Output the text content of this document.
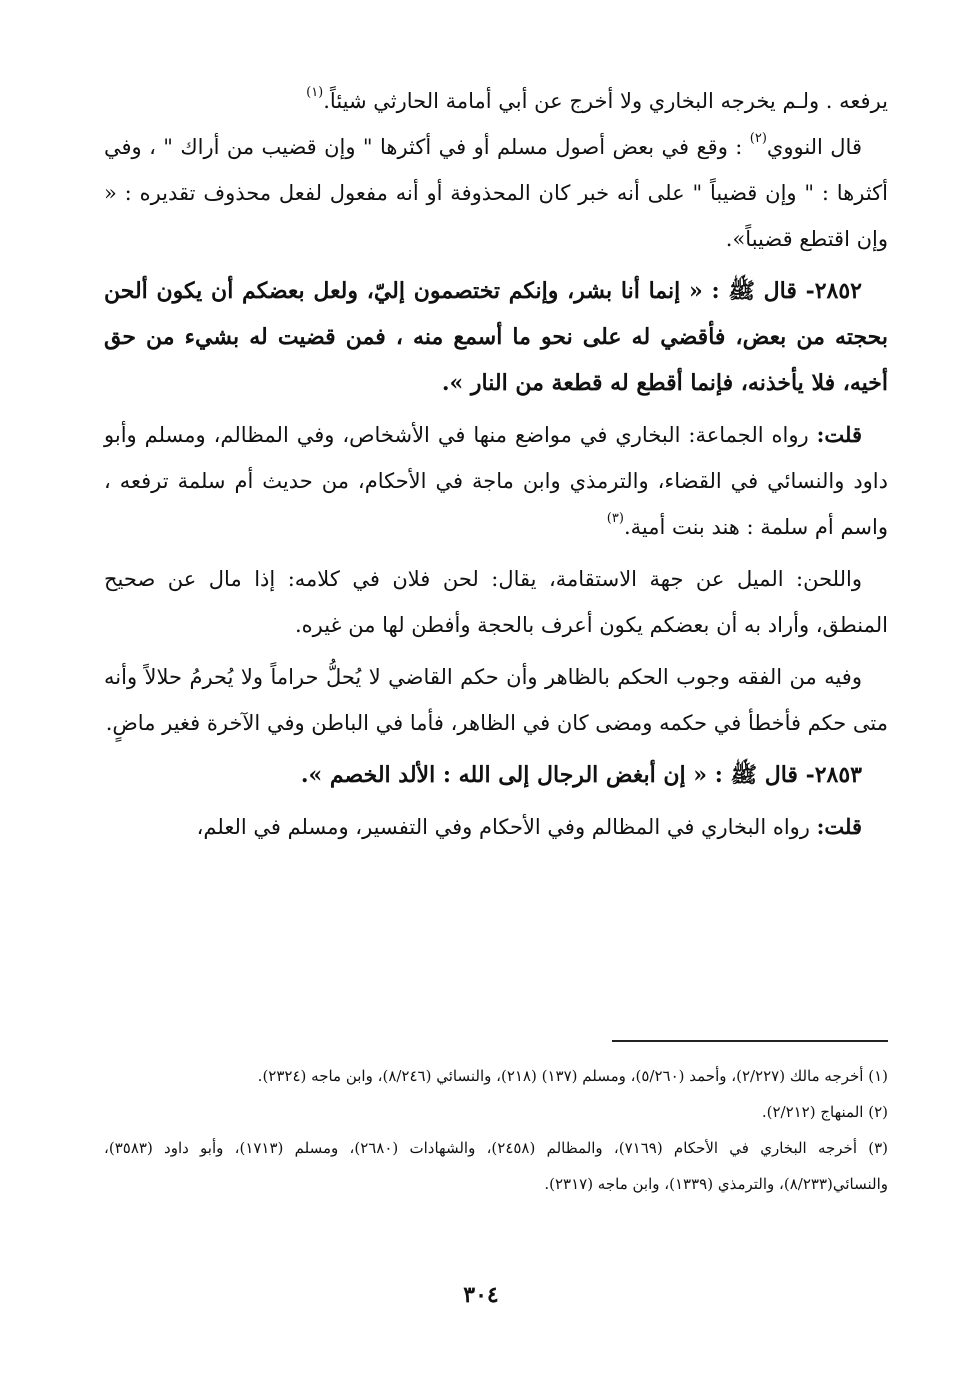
يرفعه . ولـم يخرجه البخاري ولا أخرج عن أبي أمامة الحارثي شيئاً.$^{(١)}$

قال النووي$^{(٢)}$ : وقع في بعض أصول مسلم أو في أكثرها " وإن قضيب من أراك " ، وفي أكثرها : " وإن قضيباً " على أنه خبر كان المحذوفة أو أنه مفعول لفعل محذوف تقديره : « وإن اقتطع قضيباً».

٢٨٥٢- قال ﷺ : « إنما أنا بشر، وإنكم تختصمون إليّ، ولعل بعضكم أن يكون ألحن بحجته من بعض، فأقضي له على نحو ما أسمع منه ، فمن قضيت له بشيء من حق أخيه، فلا يأخذنه، فإنما أقطع له قطعة من النار ».

قلت: رواه الجماعة: البخاري في مواضع منها في الأشخاص، وفي المظالم، ومسلم وأبو داود والنسائي في القضاء، والترمذي وابن ماجة في الأحكام، من حديث أم سلمة ترفعه ، واسم أم سلمة : هند بنت أمية.$^{(٣)}$

واللحن: الميل عن جهة الاستقامة، يقال: لحن فلان في كلامه: إذا مال عن صحيح المنطق، وأراد به أن بعضكم يكون أعرف بالحجة وأفطن لها من غيره.

وفيه من الفقه وجوب الحكم بالظاهر وأن حكم القاضي لا يُحلُّ حراماً ولا يُحرمُ حلالاً وأنه متى حكم فأخطأ في حكمه ومضى كان في الظاهر، فأما في الباطن وفي الآخرة فغير ماضٍ.

٢٨٥٣- قال ﷺ : « إن أبغض الرجال إلى الله : الألد الخصم ».

قلت: رواه البخاري في المظالم وفي الأحكام وفي التفسير، ومسلم في العلم،

(١) أخرجه مالك (٢/٢٢٧)، وأحمد (٥/٢٦٠)، ومسلم (١٣٧) (٢١٨)، والنسائي (٨/٢٤٦)، وابن ماجه (٢٣٢٤).

(٢) المنهاج (٢/٢١٢).

(٣) أخرجه البخاري في الأحكام (٧١٦٩)، والمظالم (٢٤٥٨)، والشهادات (٢٦٨٠)، ومسلم (١٧١٣)، وأبو داود (٣٥٨٣)، والنسائي(٨/٢٣٣)، والترمذي (١٣٣٩)، وابن ماجه (٢٣١٧).

٣٠٤
